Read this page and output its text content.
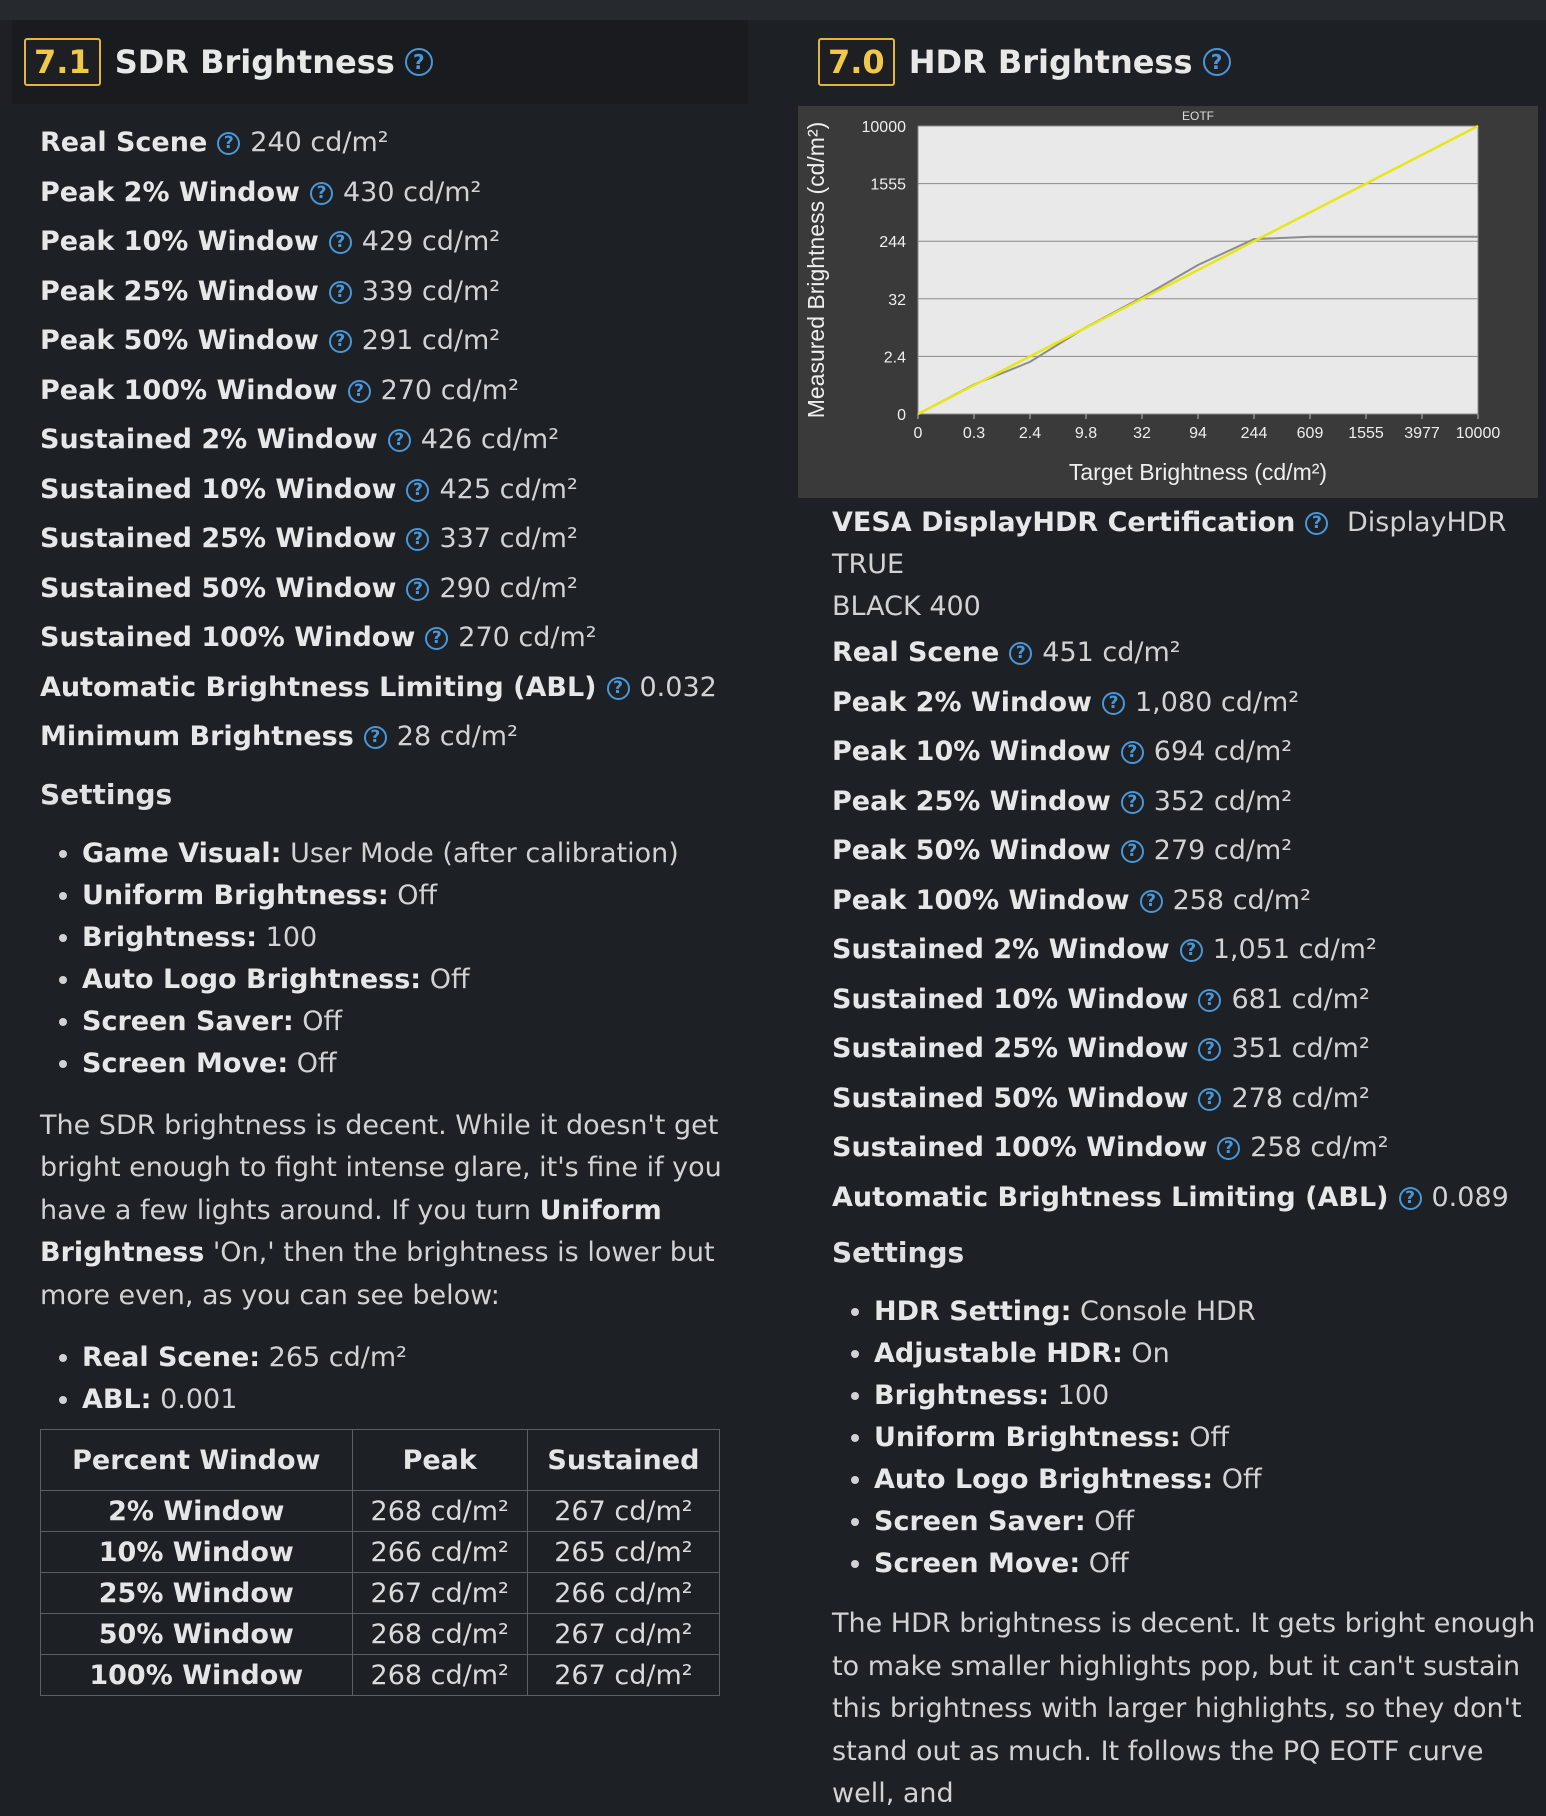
7.1 SDR Brightness ?
Real Scene ? 240 cd/m²
Peak 2% Window ? 430 cd/m²
Peak 10% Window ? 429 cd/m²
Peak 25% Window ? 339 cd/m²
Peak 50% Window ? 291 cd/m²
Peak 100% Window ? 270 cd/m²
Sustained 2% Window ? 426 cd/m²
Sustained 10% Window ? 425 cd/m²
Sustained 25% Window ? 337 cd/m²
Sustained 50% Window ? 290 cd/m²
Sustained 100% Window ? 270 cd/m²
Automatic Brightness Limiting (ABL) ? 0.032
Minimum Brightness ? 28 cd/m²
Settings
• Game Visual: User Mode (after calibration)
• Uniform Brightness: Off
• Brightness: 100
• Auto Logo Brightness: Off
• Screen Saver: Off
• Screen Move: Off

The SDR brightness is decent. While it doesn't get bright enough to fight intense glare, it's fine if you have a few lights around. If you turn Uniform Brightness 'On,' then the brightness is lower but more even, as you can see below:

• Real Scene: 265 cd/m²
• ABL: 0.001
Percent Window	Peak	Sustained
2% Window	268 cd/m²	267 cd/m²
10% Window	266 cd/m²	265 cd/m²
25% Window	267 cd/m²	266 cd/m²
50% Window	268 cd/m²	267 cd/m²
100% Window	268 cd/m²	267 cd/m²
7.0 HDR Brightness ?
0
2.4
32
244
1555
10000
0	0.3 2.4 9.8 32 94 244 609 1555 3977 10000
EOTF
Target Brightness (cd/m²)
Measured Brightness (cd/m²)
VESA DisplayHDR Certification ? DisplayHDR TRUE
BLACK 400
Real Scene ? 451 cd/m²
Peak 2% Window ? 1,080 cd/m²
Peak 10% Window ? 694 cd/m²
Peak 25% Window ? 352 cd/m²
Peak 50% Window ? 279 cd/m²
Peak 100% Window ? 258 cd/m²
Sustained 2% Window ? 1,051 cd/m²
Sustained 10% Window ? 681 cd/m²
Sustained 25% Window ? 351 cd/m²
Sustained 50% Window ? 278 cd/m²
Sustained 100% Window ? 258 cd/m²
Automatic Brightness Limiting (ABL) ? 0.089
Settings
• HDR Setting: Console HDR
• Adjustable HDR: On
• Brightness: 100
• Uniform Brightness: Off
• Auto Logo Brightness: Off
• Screen Saver: Off
• Screen Move: Off

The HDR brightness is decent. It gets bright enough to make smaller highlights pop, but it can't sustain this brightness with larger highlights, so they don't stand out as much. It follows the PQ EOTF curve well, and
